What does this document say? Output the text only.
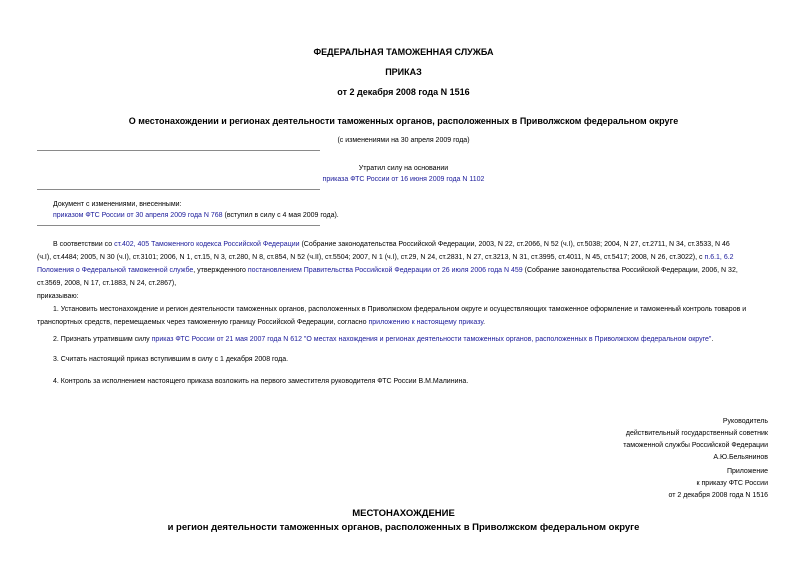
ФЕДЕРАЛЬНАЯ ТАМОЖЕННАЯ СЛУЖБА
ПРИКАЗ
от 2 декабря 2008 года N 1516
О местонахождении и регионах деятельности таможенных органов, расположенных в Приволжском федеральном округе
(с изменениями на 30 апреля 2009 года)
Утратил силу на основании
приказа ФТС России от 16 июня 2009 года N 1102
Документ с изменениями, внесенными:
приказом ФТС России от 30 апреля 2009 года N 768 (вступил в силу с 4 мая 2009 года).
В соответствии со ст.402, 405 Таможенного кодекса Российской Федерации (Собрание законодательства Российской Федерации, 2003, N 22, ст.2066, N 52 (ч.I), ст.5038; 2004, N 27, ст.2711, N 34, ст.3533, N 46
(ч.I), ст.4484; 2005, N 30 (ч.I), ст.3101; 2006, N 1, ст.15, N 3, ст.280, N 8, ст.854, N 52 (ч.II), ст.5504; 2007, N 1 (ч.I), ст.29, N 24, ст.2831, N 27, ст.3213, N 31, ст.3995, ст.4011, N 45, ст.5417; 2008, N 26, ст.3022), с п.6.1, 6.2
Положения о Федеральной таможенной службе, утвержденного постановлением Правительства Российской Федерации от 26 июля 2006 года N 459 (Собрание законодательства Российской Федерации, 2006, N 32,
ст.3569, 2008, N 17, ст.1883, N 24, ст.2867),
приказываю:
1. Установить местонахождение и регион деятельности таможенных органов, расположенных в Приволжском федеральном округе и осуществляющих таможенное оформление и таможенный контроль товаров и
транспортных средств, перемещаемых через таможенную границу Российской Федерации, согласно приложению к настоящему приказу.
2. Признать утратившим силу приказ ФТС России от 21 мая 2007 года N 612 "О местах нахождения и регионах деятельности таможенных органов, расположенных в Приволжском федеральном округе".
3. Считать настоящий приказ вступившим в силу с 1 декабря 2008 года.
4. Контроль за исполнением настоящего приказа возложить на первого заместителя руководителя ФТС России В.М.Малинина.
Руководитель
действительный государственный советник
таможенной службы Российской Федерации
А.Ю.Бельянинов
Приложение
к приказу ФТС России
от 2 декабря 2008 года N 1516
МЕСТОНАХОЖДЕНИЕ
и регион деятельности таможенных органов, расположенных в Приволжском федеральном округе
